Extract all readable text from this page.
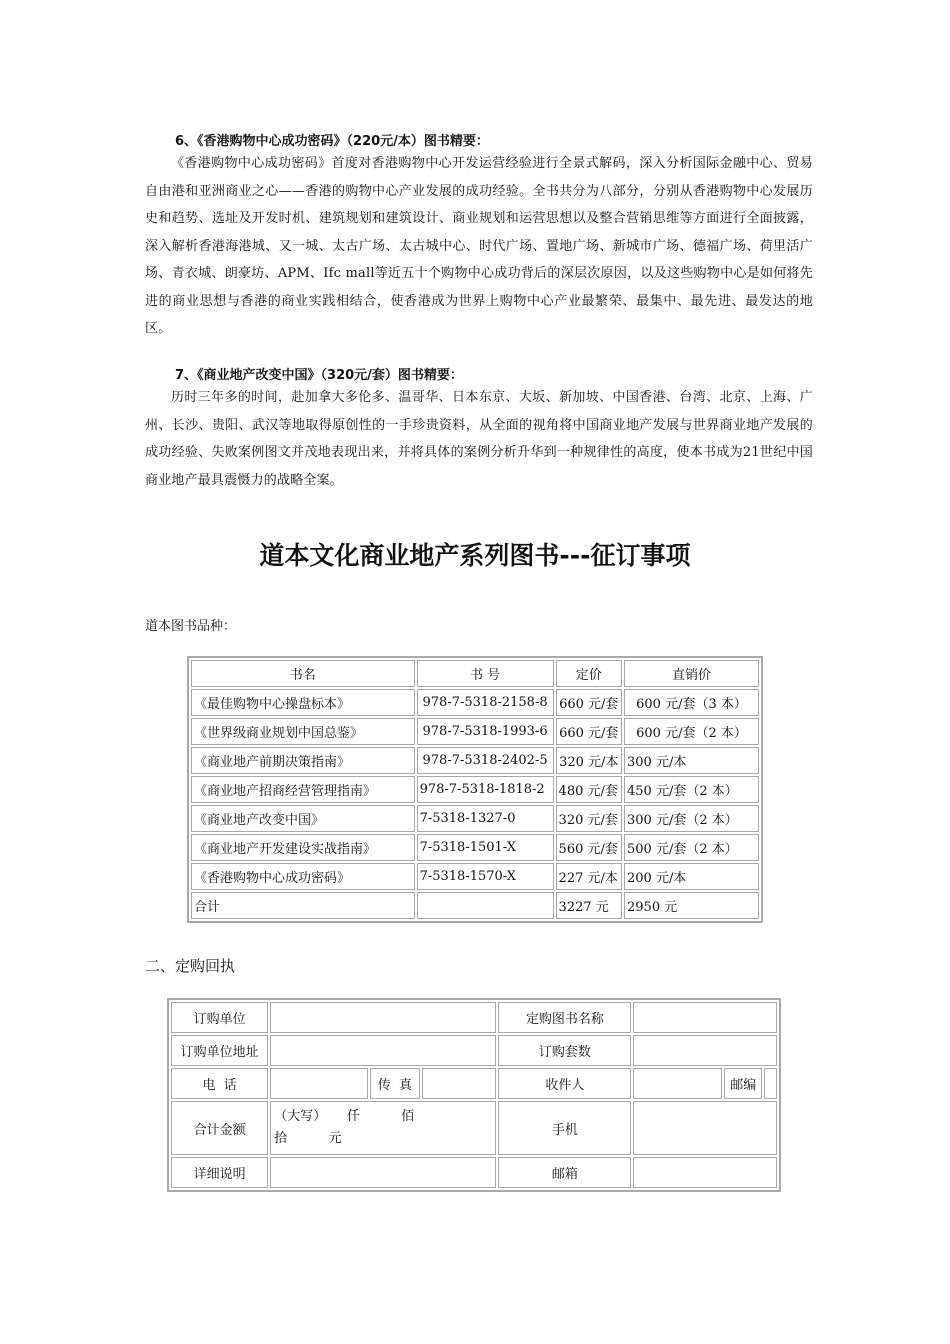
6、《香港购物中心成功密码》（220元/本）图书精要：
《香港购物中心成功密码》首度对香港购物中心开发运营经验进行全景式解码，深入分析国际金融中心、贸易自由港和亚洲商业之心——香港的购物中心产业发展的成功经验。全书共分为八部分，分别从香港购物中心发展历史和趋势、选址及开发时机、建筑规划和建筑设计、商业规划和运营思想以及整合营销思维等方面进行全面披露，深入解析香港海港城、又一城、太古广场、太古城中心、时代广场、置地广场、新城市广场、德福广场、荷里活广场、青衣城、朗豪坊、APM、Ifc mall等近五十个购物中心成功背后的深层次原因，以及这些购物中心是如何将先进的商业思想与香港的商业实践相结合，使香港成为世界上购物中心产业最繁荣、最集中、最先进、最发达的地区。
7、《商业地产改变中国》（320元/套）图书精要：
历时三年多的时间，赴加拿大多伦多、温哥华、日本东京、大坂、新加坡、中国香港、台湾、北京、上海、广州、长沙、贵阳、武汉等地取得原创性的一手珍贵资料，从全面的视角将中国商业地产发展与世界商业地产发展的成功经验、失败案例图文并茂地表现出来，并将具体的案例分析升华到一种规律性的高度，使本书成为21世纪中国商业地产最具震慑力的战略全案。
道本文化商业地产系列图书---征订事项
道本图书品种：
书名	书 号	定价	直销价
《最佳购物中心操盘标本》	978-7-5318-2158-8	660 元/套	600 元/套（3 本）
《世界级商业规划中国总鉴》	978-7-5318-1993-6	660 元/套	600 元/套（2 本）
《商业地产前期决策指南》	978-7-5318-2402-5	320 元/本	300 元/本
《商业地产招商经营管理指南》	978-7-5318-1818-2	480 元/套	450 元/套（2 本）
《商业地产改变中国》	7-5318-1327-0	320 元/套	300 元/套（2 本）
《商业地产开发建设实战指南》	7-5318-1501-X	560 元/套	500 元/套（2 本）
《香港购物中心成功密码》	7-5318-1570-X	227 元/本	200 元/本
合计		3227 元	2950 元
二、定购回执
订购单位				定购图书名称			
订购单位地址				订购套数			
电  话		传  真		收件人		邮编	
合计金额	（大写）     仟          佰
拾          元			手机			
详细说明				邮箱			
